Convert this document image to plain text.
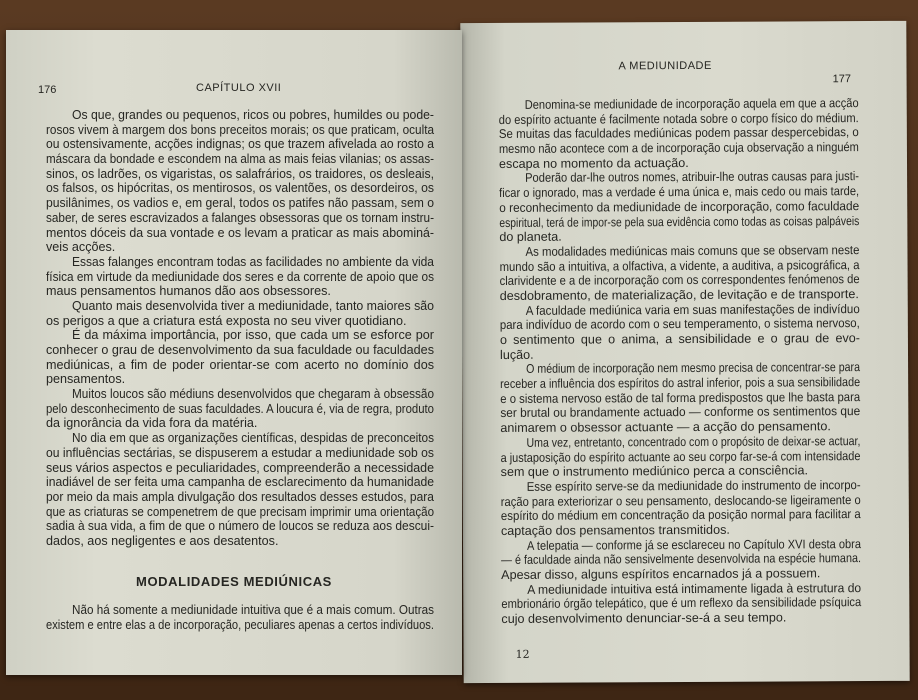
176	CAPÍTULO XVII
Os que, grandes ou pequenos, ricos ou pobres, humildes ou pode-
rosos vivem à margem dos bons preceitos morais; os que praticam, oculta
ou ostensivamente, acções indignas; os que trazem afivelada ao rosto a
máscara da bondade e escondem na alma as mais feias vilanias; os assas-
sinos, os ladrões, os vigaristas, os salafrários, os traidores, os desleais,
os falsos, os hipócritas, os mentirosos, os valentões, os desordeiros, os
pusilânimes, os vadios e, em geral, todos os patifes não passam, sem o
saber, de seres escravizados a falanges obsessoras que os tornam instru-
mentos dóceis da sua vontade e os levam a praticar as mais abominá-
veis acções.
Essas falanges encontram todas as facilidades no ambiente da vida
física em virtude da mediunidade dos seres e da corrente de apoio que os
maus pensamentos humanos dão aos obsessores.
Quanto mais desenvolvida tiver a mediunidade, tanto maiores são
os perigos a que a criatura está exposta no seu viver quotidiano.
É da máxima importância, por isso, que cada um se esforce por
conhecer o grau de desenvolvimento da sua faculdade ou faculdades
mediúnicas, a fim de poder orientar-se com acerto no domínio dos
pensamentos.
Muitos loucos são médiuns desenvolvidos que chegaram à obsessão
pelo desconhecimento de suas faculdades. A loucura é, via de regra, produto
da ignorância da vida fora da matéria.
No dia em que as organizações científicas, despidas de preconceitos
ou influências sectárias, se dispuserem a estudar a mediunidade sob os
seus vários aspectos e peculiaridades, compreenderão a necessidade
inadiável de ser feita uma campanha de esclarecimento da humanidade
por meio da mais ampla divulgação dos resultados desses estudos, para
que as criaturas se compenetrem de que precisam imprimir uma orientação
sadia à sua vida, a fim de que o número de loucos se reduza aos descui-
dados, aos negligentes e aos desatentos.
MODALIDADES MEDIÚNICAS
Não há somente a mediunidade intuitiva que é a mais comum. Outras
existem e entre elas a de incorporação, peculiares apenas a certos indivíduos.
A MEDIUNIDADE
177
Denomina-se mediunidade de incorporação aquela em que a acção
do espírito actuante é facilmente notada sobre o corpo físico do médium.
Se muitas das faculdades mediúnicas podem passar despercebidas, o
mesmo não acontece com a de incorporação cuja observação a ninguém
escapa no momento da actuação.
Poderão dar-lhe outros nomes, atribuir-lhe outras causas para justi-
ficar o ignorado, mas a verdade é uma única e, mais cedo ou mais tarde,
o reconhecimento da mediunidade de incorporação, como faculdade
espiritual, terá de impor-se pela sua evidência como todas as coisas palpáveis
do planeta.
As modalidades mediúnicas mais comuns que se observam neste
mundo são a intuitiva, a olfactiva, a vidente, a auditiva, a psicográfica, a
clarividente e a de incorporação com os correspondentes fenómenos de
desdobramento, de materialização, de levitação e de transporte.
A faculdade mediúnica varia em suas manifestações de indivíduo
para indivíduo de acordo com o seu temperamento, o sistema nervoso,
o sentimento que o anima, a sensibilidade e o grau de evo-
lução.
O médium de incorporação nem mesmo precisa de concentrar-se para
receber a influência dos espíritos do astral inferior, pois a sua sensibilidade
e o sistema nervoso estão de tal forma predispostos que lhe basta para
ser brutal ou brandamente actuado — conforme os sentimentos que
animarem o obsessor actuante — a acção do pensamento.
Uma vez, entretanto, concentrado com o propósito de deixar-se actuar,
a justaposição do espírito actuante ao seu corpo far-se-á com intensidade
sem que o instrumento mediúnico perca a consciência.
Esse espírito serve-se da mediunidade do instrumento de incorpo-
ração para exteriorizar o seu pensamento, deslocando-se ligeiramente o
espírito do médium em concentração da posição normal para facilitar a
captação dos pensamentos transmitidos.
A telepatia — conforme já se esclareceu no Capítulo XVI desta obra
— é faculdade ainda não sensivelmente desenvolvida na espécie humana.
Apesar disso, alguns espíritos encarnados já a possuem.
A mediunidade intuitiva está intimamente ligada à estrutura do
embrionário órgão telepático, que é um reflexo da sensibilidade psíquica
cujo desenvolvimento denunciar-se-á a seu tempo.
12
